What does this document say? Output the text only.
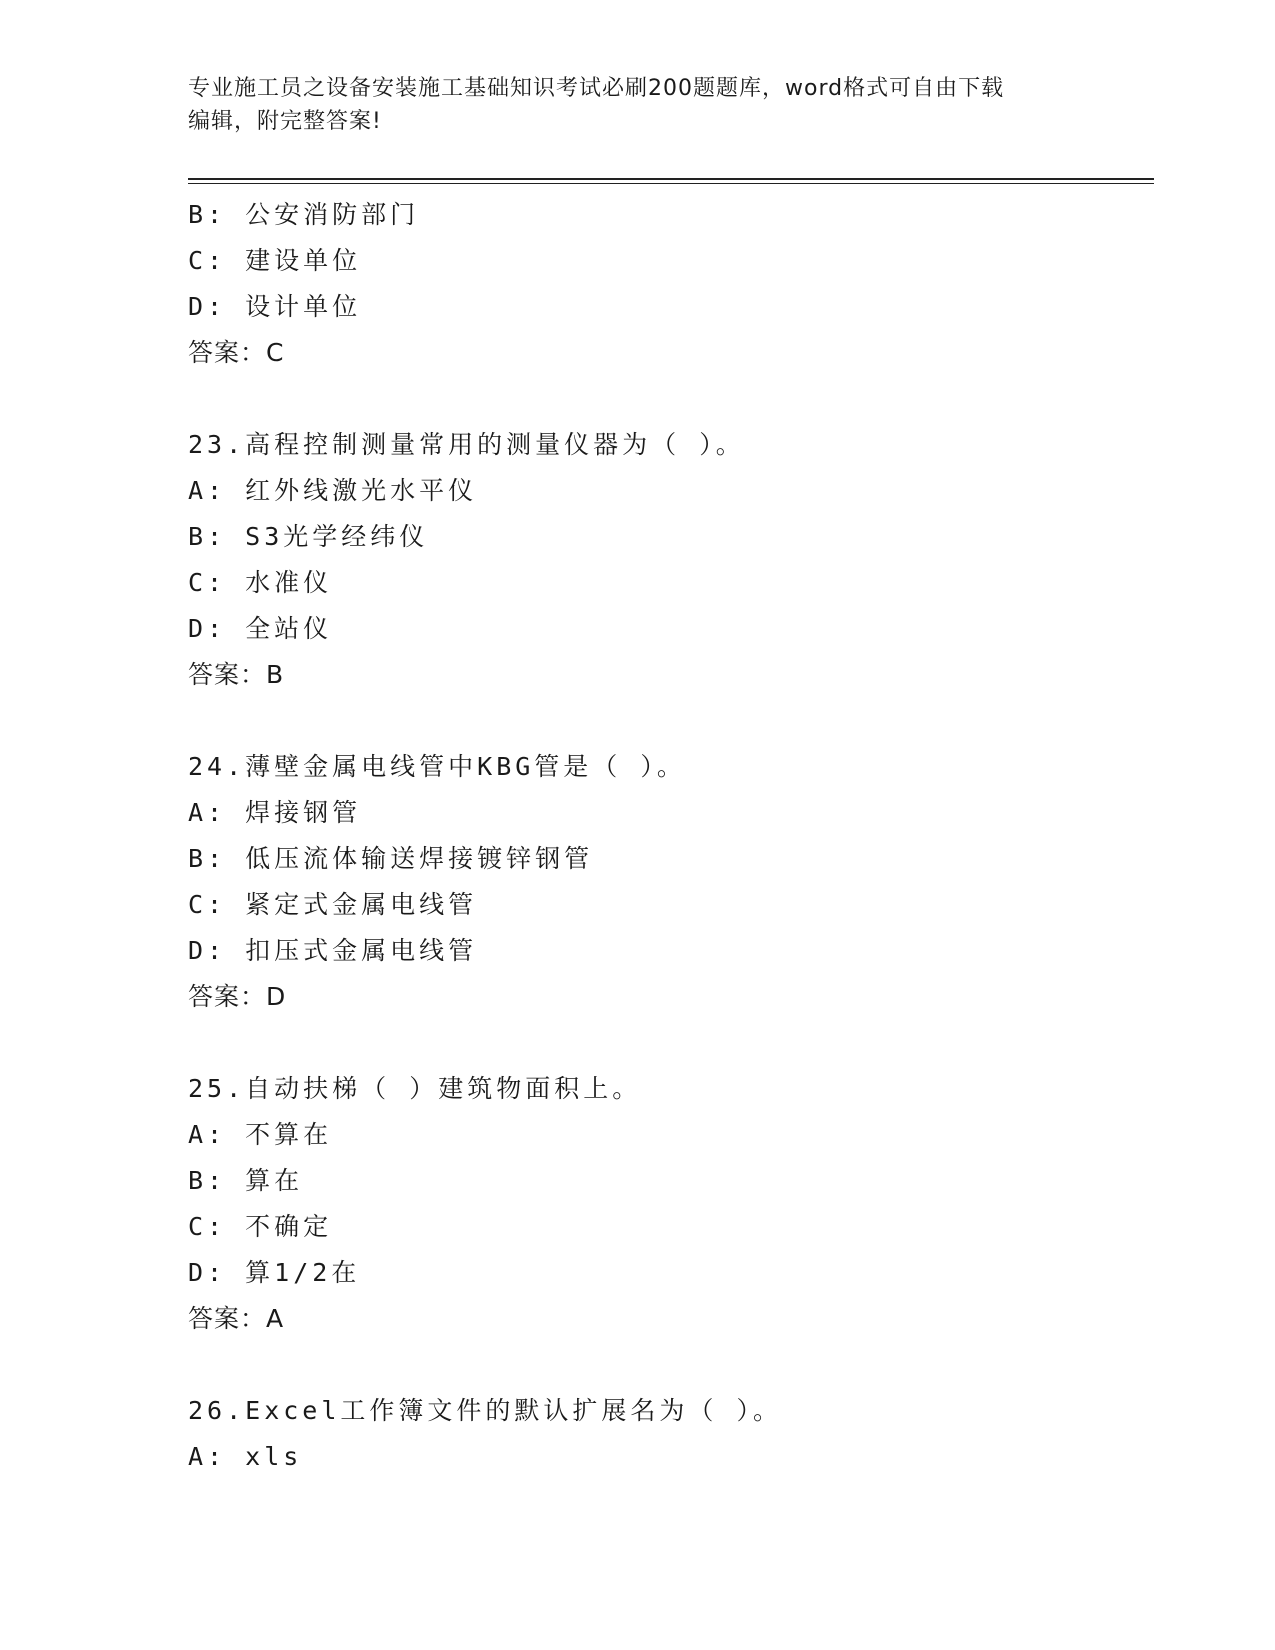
专业施工员之设备安装施工基础知识考试必刷200题题库，word格式可自由下载
编辑，附完整答案!
B: 公安消防部门
C: 建设单位
D: 设计单位
答案：C
23.高程控制测量常用的测量仪器为（ ）。
A: 红外线激光水平仪
B: S3光学经纬仪
C: 水准仪
D: 全站仪
答案：B
24.薄壁金属电线管中KBG管是（ ）。
A: 焊接钢管
B: 低压流体输送焊接镀锌钢管
C: 紧定式金属电线管
D: 扣压式金属电线管
答案：D
25.自动扶梯（ ）建筑物面积上。
A: 不算在
B: 算在
C: 不确定
D: 算1/2在
答案：A
26.Excel工作簿文件的默认扩展名为（ ）。
A: xls
